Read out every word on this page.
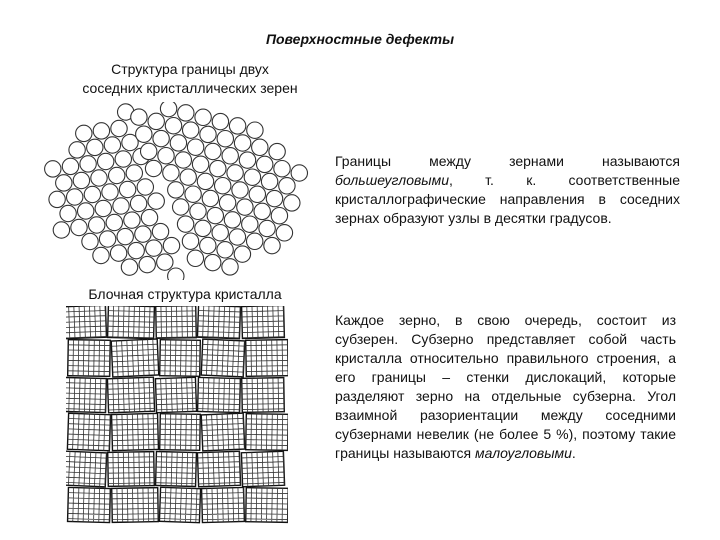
Поверхностные дефекты
Структура границы двух
соседних кристаллических зерен
Блочная структура кристалла
Границы между зернами называются большеугловыми, т. к. соответственные кристаллографические направления в соседних зернах образуют узлы в десятки градусов.
Каждое зерно, в свою очередь, состоит из субзерен. Субзерно представляет собой часть кристалла относительно правильного строения, а его границы – стенки дислокаций, которые разделяют зерно на отдельные субзерна. Угол взаимной разориентации между соседними субзернами невелик (не более 5 %), поэтому такие границы называются малоугловыми.
